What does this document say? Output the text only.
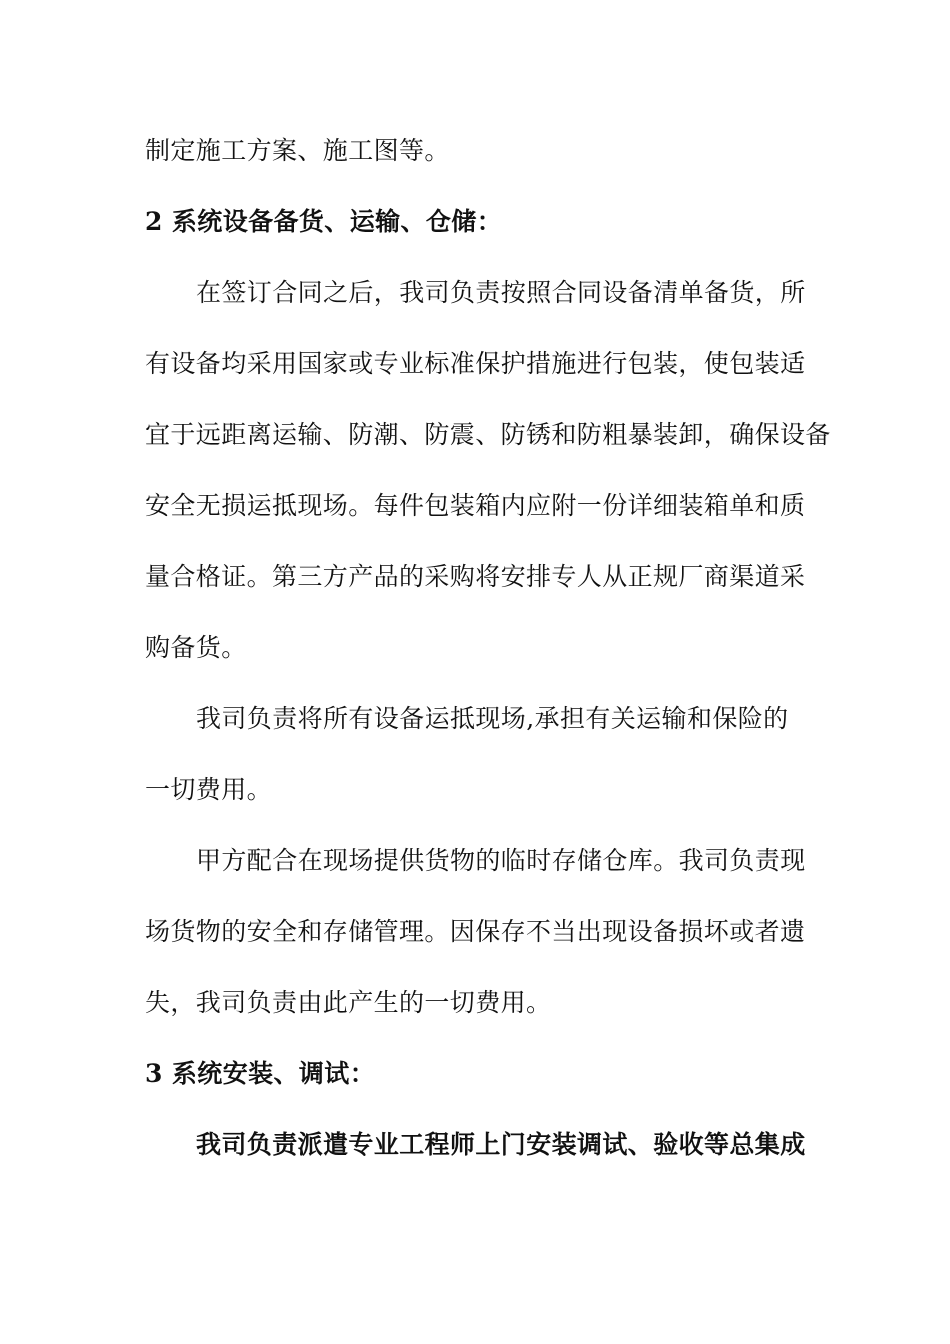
制定施工方案、施工图等。
2 系统设备备货、运输、仓储：
在签订合同之后，我司负责按照合同设备清单备货，所
有设备均采用国家或专业标准保护措施进行包装，使包装适
宜于远距离运输、防潮、防震、防锈和防粗暴装卸，确保设备
安全无损运抵现场。每件包装箱内应附一份详细装箱单和质
量合格证。第三方产品的采购将安排专人从正规厂商渠道采
购备货。
我司负责将所有设备运抵现场,承担有关运输和保险的
一切费用。
甲方配合在现场提供货物的临时存储仓库。我司负责现
场货物的安全和存储管理。因保存不当出现设备损坏或者遗
失，我司负责由此产生的一切费用。
3 系统安装、调试：
我司负责派遣专业工程师上门安装调试、验收等总集成
